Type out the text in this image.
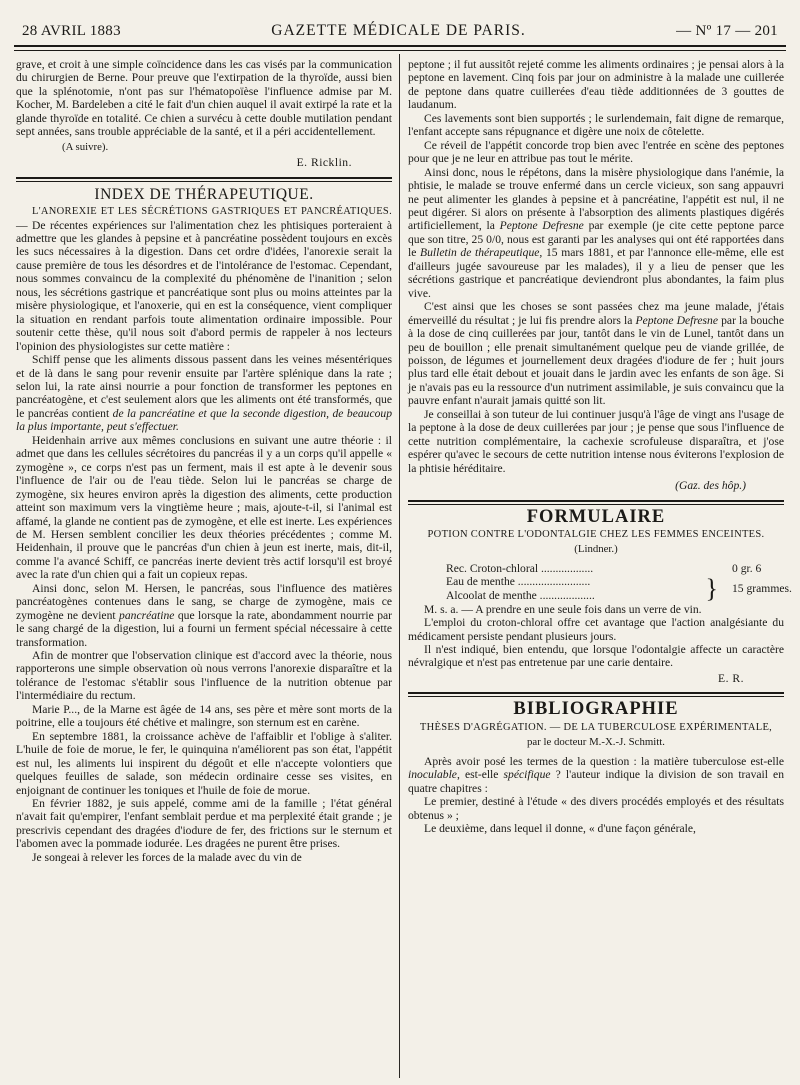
28 AVRIL 1883	GAZETTE MÉDICALE DE PARIS.	— Nº 17 — 201

grave, et croit à une simple coïncidence dans les cas visés par la communication du chirurgien de Berne. Pour preuve que l'extirpation de la thyroïde, aussi bien que la splénotomie, n'ont pas sur l'hématopoïèse l'influence admise par M. Kocher, M. Bardeleben a cité le fait d'un chien auquel il avait extirpé la rate et la glande thyroïde en totalité. Ce chien a survécu à cette double mutilation pendant sept années, sans trouble appréciable de la santé, et il a péri accidentellement.

(A suivre).
E. Ricklin.
INDEX DE THÉRAPEUTIQUE.

L'ANOREXIE ET LES SÉCRÉTIONS GASTRIQUES ET PANCRÉATIQUES. — De récentes expériences sur l'alimentation chez les phtisiques porteraient à admettre que les glandes à pepsine et à pancréatine possèdent toujours en excès les sucs nécessaires à la digestion. Dans cet ordre d'idées, l'anorexie serait la cause première de tous les désordres et de l'intolérance de l'estomac. Cependant, nous sommes convaincu de la complexité du phénomène de l'inanition ; selon nous, les sécrétions gastrique et pancréatique sont plus ou moins atteintes par la misère physiologique, et l'anoxerie, qui en est la conséquence, vient compliquer la situation en rendant parfois toute alimentation ordinaire impossible. Pour soutenir cette thèse, qu'il nous soit d'abord permis de rappeler à nos lecteurs l'opinion des physiologistes sur cette matière :

Schiff pense que les aliments dissous passent dans les veines mésentériques et de là dans le sang pour revenir ensuite par l'artère splénique dans la rate ; selon lui, la rate ainsi nourrie a pour fonction de transformer les peptones en pancréatogène, et c'est seulement alors que les aliments ont été transformés, que le pancréas contient de la pancréatine et que la seconde digestion, de beaucoup la plus importante, peut s'effectuer.

Heidenhain arrive aux mêmes conclusions en suivant une autre théorie : il admet que dans les cellules sécrétoires du pancréas il y a un corps qu'il appelle « zymogène », ce corps n'est pas un ferment, mais il est apte à le devenir sous l'influence de l'air ou de l'eau tiède. Selon lui le pancréas se charge de zymogène, six heures environ après la digestion des aliments, cette production atteint son maximum vers la vingtième heure ; mais, ajoute-t-il, si l'animal est affamé, la glande ne contient pas de zymogène, et elle est inerte. Les expériences de M. Hersen semblent concilier les deux théories précédentes ; comme M. Heidenhain, il prouve que le pancréas d'un chien à jeun est inerte, mais, dit-il, comme l'a avancé Schiff, ce pancréas inerte devient très actif lorsqu'il est broyé avec la rate d'un chien qui a fait un copieux repas.

Ainsi donc, selon M. Hersen, le pancréas, sous l'influence des matières pancréatogènes contenues dans le sang, se charge de zymogène, mais ce zymogène ne devient pancréatine que lorsque la rate, abondamment nourrie par le sang chargé de la digestion, lui a fourni un ferment spécial nécessaire à cette transformation.

Afin de montrer que l'observation clinique est d'accord avec la théorie, nous rapporterons une simple observation où nous verrons l'anorexie disparaître et la tolérance de l'estomac s'établir sous l'influence de la nutrition obtenue par l'intermédiaire du rectum.

Marie P..., de la Marne est âgée de 14 ans, ses père et mère sont morts de la poitrine, elle a toujours été chétive et malingre, son sternum est en carène.

En septembre 1881, la croissance achève de l'affaiblir et l'oblige à s'aliter. L'huile de foie de morue, le fer, le quinquina n'améliorent pas son état, l'appétit est nul, les aliments lui inspirent du dégoût et elle n'accepte volontiers que quelques feuilles de salade, son médecin ordinaire cesse ses visites, en enjoignant de continuer les toniques et l'huile de foie de morue.

En février 1882, je suis appelé, comme ami de la famille ; l'état général n'avait fait qu'empirer, l'enfant semblait perdue et ma perplexité était grande ; je prescrivis cependant des dragées d'iodure de fer, des frictions sur le sternum et l'abomen avec la pommade iodurée. Les dragées ne purent être prises.

Je songeai à relever les forces de la malade avec du vin de

peptone ; il fut aussitôt rejeté comme les aliments ordinaires ; je pensai alors à la peptone en lavement. Cinq fois par jour on administre à la malade une cuillerée de peptone dans quatre cuillerées d'eau tiède additionnées de 3 gouttes de laudanum.

Ces lavements sont bien supportés ; le surlendemain, fait digne de remarque, l'enfant accepte sans répugnance et digère une noix de côtelette.

Ce réveil de l'appétit concorde trop bien avec l'entrée en scène des peptones pour que je ne leur en attribue pas tout le mérite.

Ainsi donc, nous le répétons, dans la misère physiologique dans l'anémie, la phtisie, le malade se trouve enfermé dans un cercle vicieux, son sang appauvri ne peut alimenter les glandes à pepsine et à pancréatine, l'appétit est nul, il ne peut digérer. Si alors on présente à l'absorption des aliments plastiques digérés artificiellement, la Peptone Defresne par exemple (je cite cette peptone parce que son titre, 25 0/0, nous est garanti par les analyses qui ont été rapportées dans le Bulletin de thérapeutique, 15 mars 1881, et par l'annonce elle-même, elle est d'ailleurs jugée savoureuse par les malades), il y a lieu de penser que les sécrétions gastrique et pancréatique deviendront plus abondantes, la faim plus vive.

C'est ainsi que les choses se sont passées chez ma jeune malade, j'étais émerveillé du résultat ; je lui fis prendre alors la Peptone Defresne par la bouche à la dose de cinq cuillerées par jour, tantôt dans le vin de Lunel, tantôt dans un peu de bouillon ; elle prenait simultanément quelque peu de viande grillée, de poisson, de légumes et journellement deux dragées d'iodure de fer ; huit jours plus tard elle était debout et jouait dans le jardin avec les enfants de son âge. Si je n'avais pas eu la ressource d'un nutriment assimilable, je suis convaincu que la pauvre enfant n'aurait jamais quitté son lit.

Je conseillai à son tuteur de lui continuer jusqu'à l'âge de vingt ans l'usage de la peptone à la dose de deux cuillerées par jour ; je pense que sous l'influence de cette nutrition complémentaire, la cachexie scrofuleuse disparaîtra, et j'ose espérer qu'avec le secours de cette nutrition intense nous éviterons l'explosion de la phtisie héréditaire.

(Gaz. des hôp.)
FORMULAIRE
POTION CONTRE L'ODONTALGIE CHEZ LES FEMMES ENCEINTES.
(Lindner.)
Rec. Croton-chloral ..................	0 gr. 6
Eau de menthe .........................	}	15 grammes.
Alcoolat de menthe ...................

M. s. a. — A prendre en une seule fois dans un verre de vin.

L'emploi du croton-chloral offre cet avantage que l'action analgésiante du médicament persiste pendant plusieurs jours.

Il n'est indiqué, bien entendu, que lorsque l'odontalgie affecte un caractère névralgique et n'est pas entretenue par une carie dentaire.

E. R.
BIBLIOGRAPHIE
THÈSES D'AGRÉGATION. — DE LA TUBERCULOSE EXPÉRIMENTALE,
par le docteur M.-X.-J. Schmitt.

Après avoir posé les termes de la question : la matière tuberculose est-elle inoculable, est-elle spécifique ? l'auteur indique la division de son travail en quatre chapitres :

Le premier, destiné à l'étude « des divers procédés employés et des résultats obtenus » ;

Le deuxième, dans lequel il donne, « d'une façon générale,
